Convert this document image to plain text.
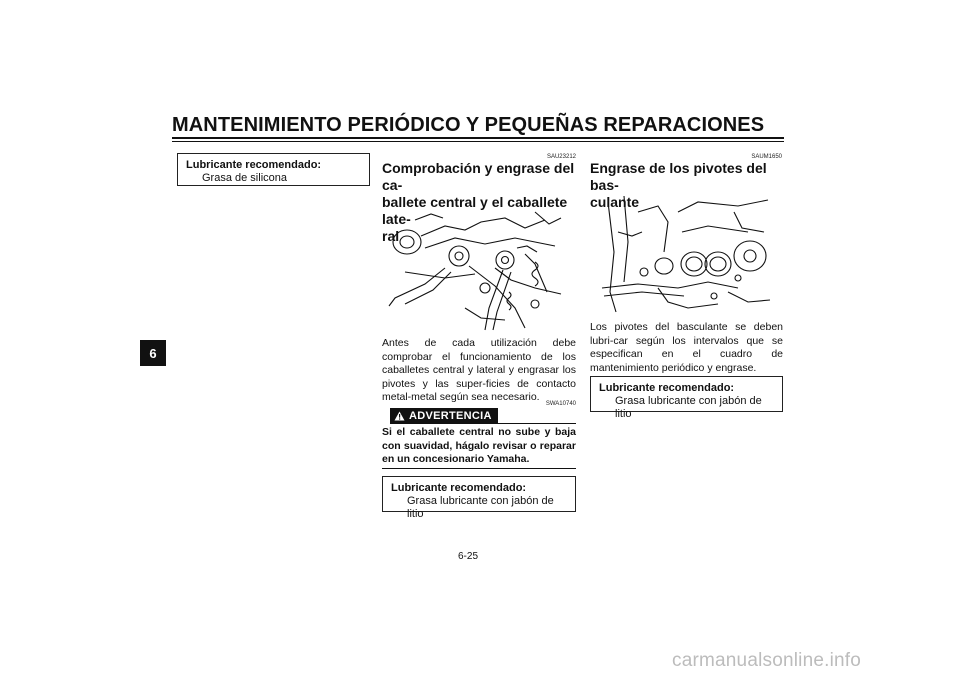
MANTENIMIENTO PERIÓDICO Y PEQUEÑAS REPARACIONES
6
Lubricante recomendado:
Grasa de silicona
SAU23212
Comprobación y engrase del ca-
ballete central y el caballete late-
ral
Antes de cada utilización debe comprobar el funcionamiento de los caballetes central y lateral y engrasar los pivotes y las super-ficies de contacto metal-metal según sea necesario.
SWA10740
ADVERTENCIA
Si el caballete central no sube y baja con suavidad, hágalo revisar o reparar en un concesionario Yamaha.
Lubricante recomendado:
Grasa lubricante con jabón de litio
SAUM1650
Engrase de los pivotes del bas-
culante
Los pivotes del basculante se deben lubri-car según los intervalos que se especifican en el cuadro de mantenimiento periódico y engrase.
Lubricante recomendado:
Grasa lubricante con jabón de litio
6-25
carmanualsonline.info
